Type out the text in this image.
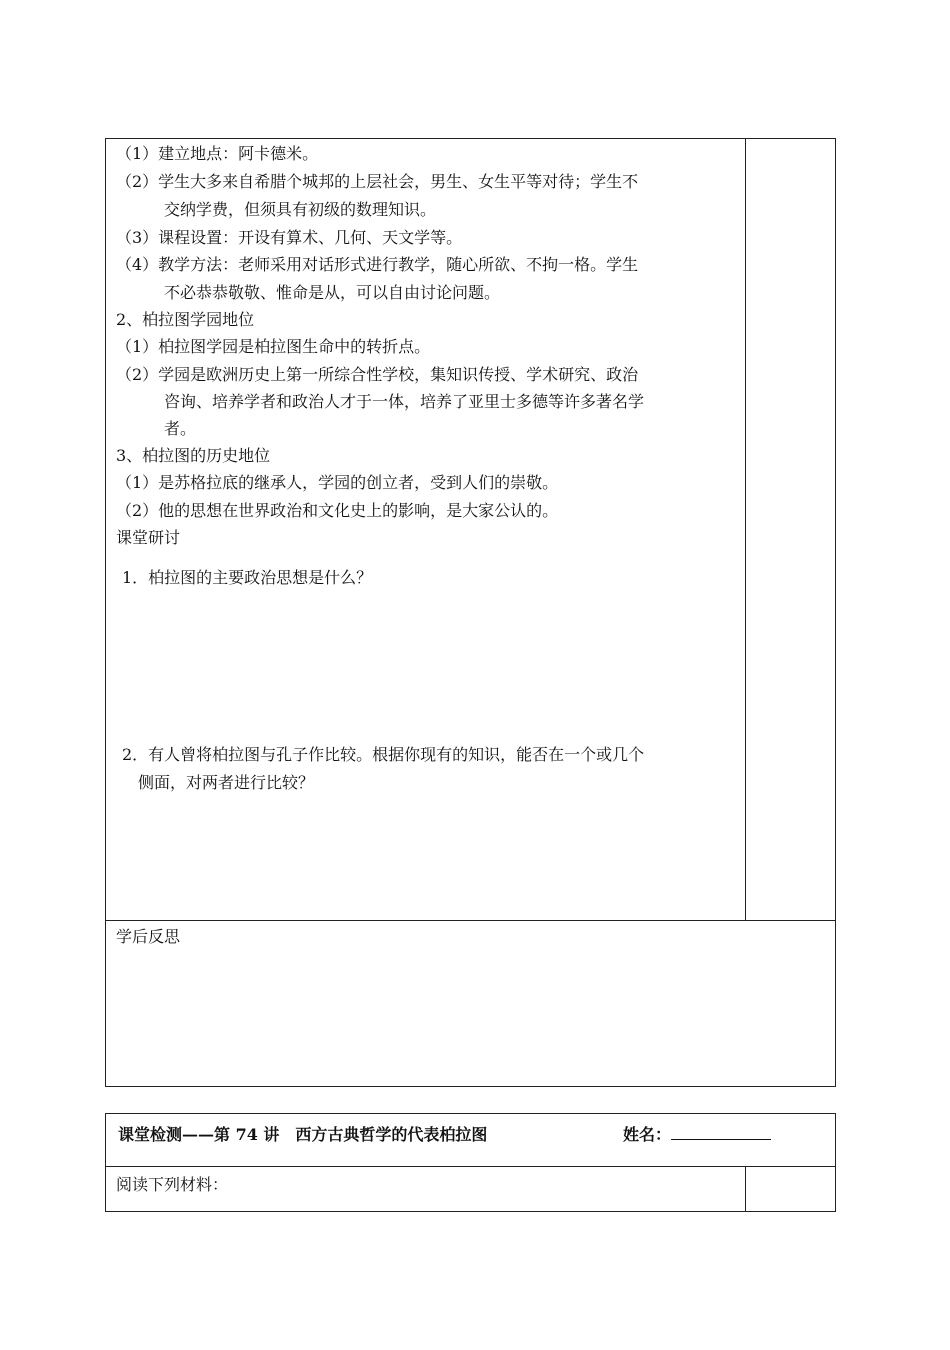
（1）建立地点：阿卡德米。
（2）学生大多来自希腊个城邦的上层社会，男生、女生平等对待；学生不
交纳学费，但须具有初级的数理知识。
（3）课程设置：开设有算术、几何、天文学等。
（4）教学方法：老师采用对话形式进行教学，随心所欲、不拘一格。学生
不必恭恭敬敬、惟命是从，可以自由讨论问题。
2、柏拉图学园地位
（1）柏拉图学园是柏拉图生命中的转折点。
（2）学园是欧洲历史上第一所综合性学校，集知识传授、学术研究、政治
咨询、培养学者和政治人才于一体，培养了亚里士多德等许多著名学
者。
3、柏拉图的历史地位
（1）是苏格拉底的继承人，学园的创立者，受到人们的崇敬。
（2）他的思想在世界政治和文化史上的影响，是大家公认的。
课堂研讨
1．柏拉图的主要政治思想是什么？
2．有人曾将柏拉图与孔子作比较。根据你现有的知识，能否在一个或几个
侧面，对两者进行比较？
学后反思
课堂检测——第 74 讲　西方古典哲学的代表柏拉图	姓名：
阅读下列材料：
